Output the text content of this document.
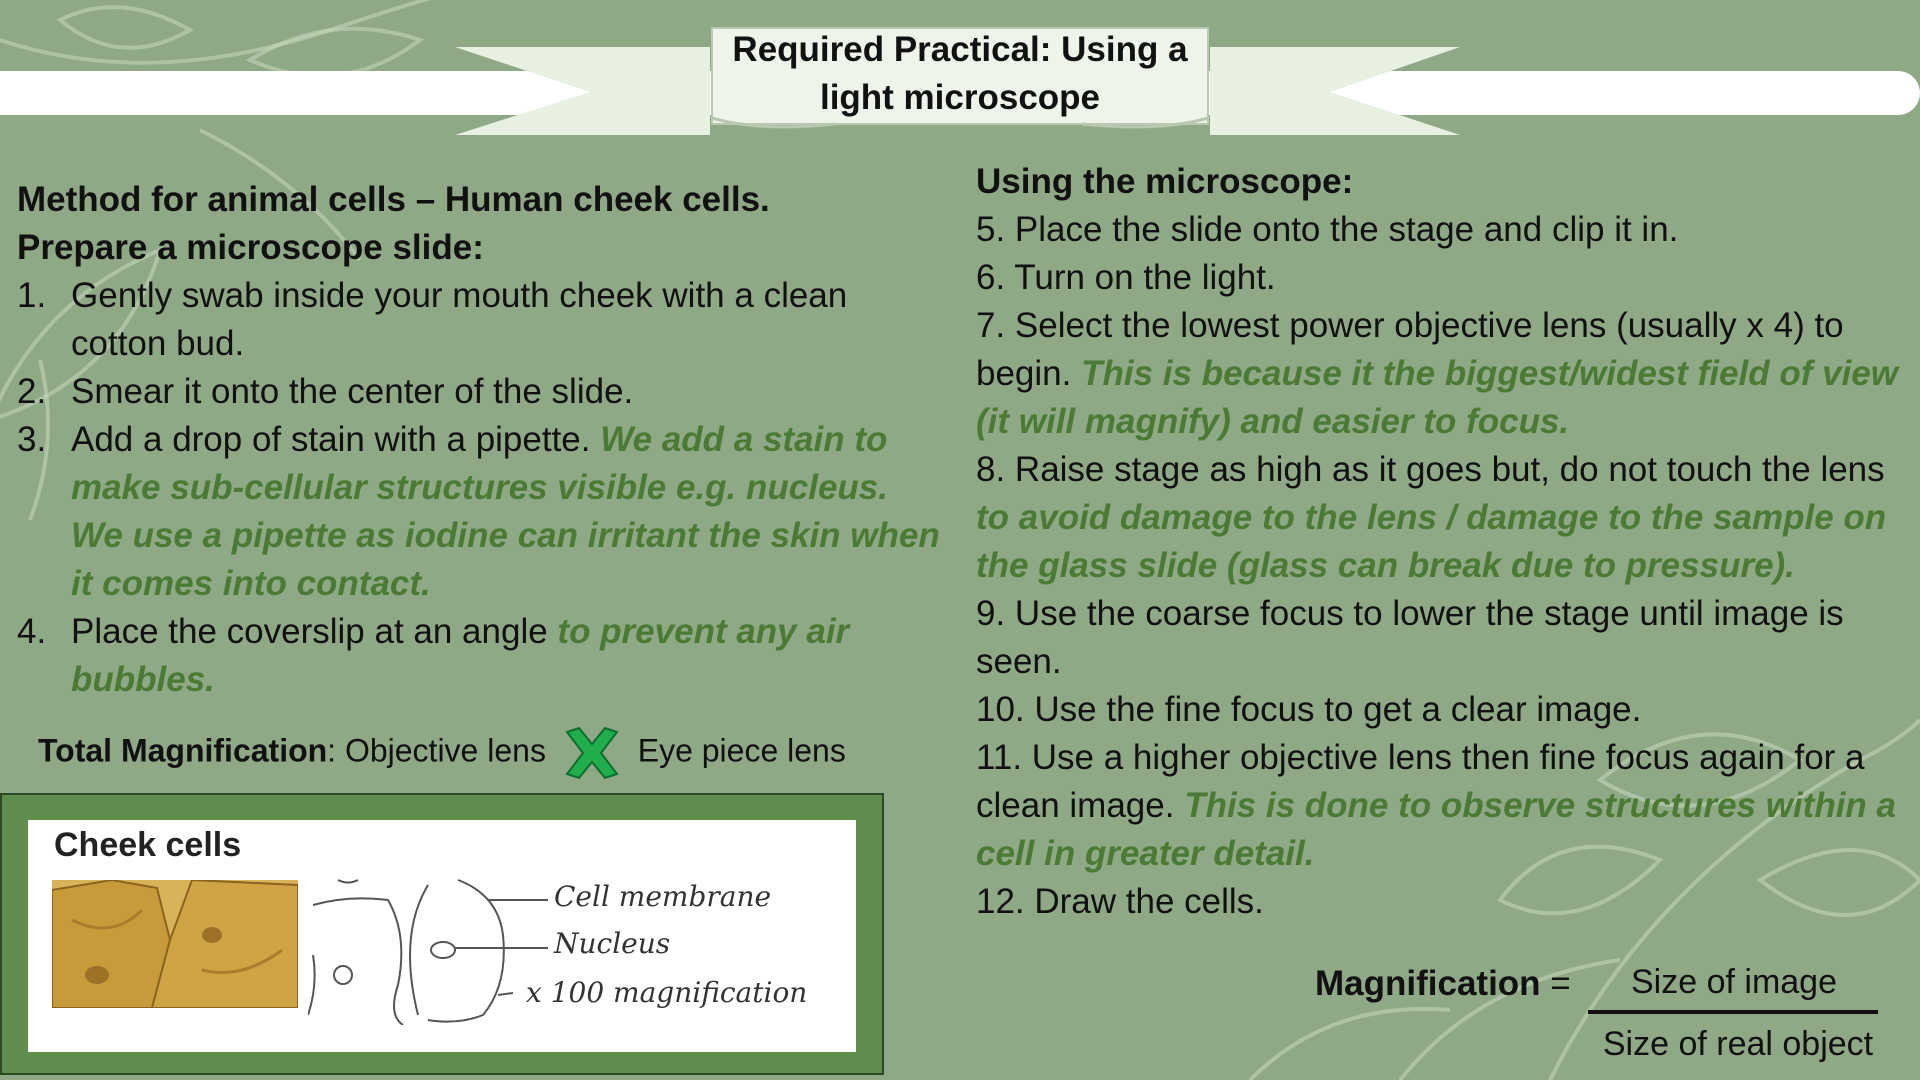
Required Practical: Using a light microscope

Method for animal cells – Human cheek cells.

Prepare a microscope slide:

1. Gently swab inside your mouth cheek with a clean cotton bud.
2. Smear it onto the center of the slide.
3. Add a drop of stain with a pipette. We add a stain to make sub-cellular structures visible e.g. nucleus. We use a pipette as iodine can irritant the skin when it comes into contact.
4. Place the coverslip at an angle to prevent any air bubbles.
Total Magnification: Objective lens	Eye piece lens
Cheek cells
Cell membrane
Nucleus
x 100 magnification

Using the microscope:

5. Place the slide onto the stage and clip it in.

6. Turn on the light.

7. Select the lowest power objective lens (usually x 4) to begin. This is because it the biggest/widest field of view (it will magnify) and easier to focus.

8. Raise stage as high as it goes but, do not touch the lens to avoid damage to the lens / damage to the sample on the glass slide (glass can break due to pressure).

9. Use the coarse focus to lower the stage until image is seen.

10. Use the fine focus to get a clear image.

11. Use a higher objective lens then fine focus again for a clean image. This is done to observe structures within a cell in greater detail.

12. Draw the cells.

Magnification =	Size of image
Size of real object
